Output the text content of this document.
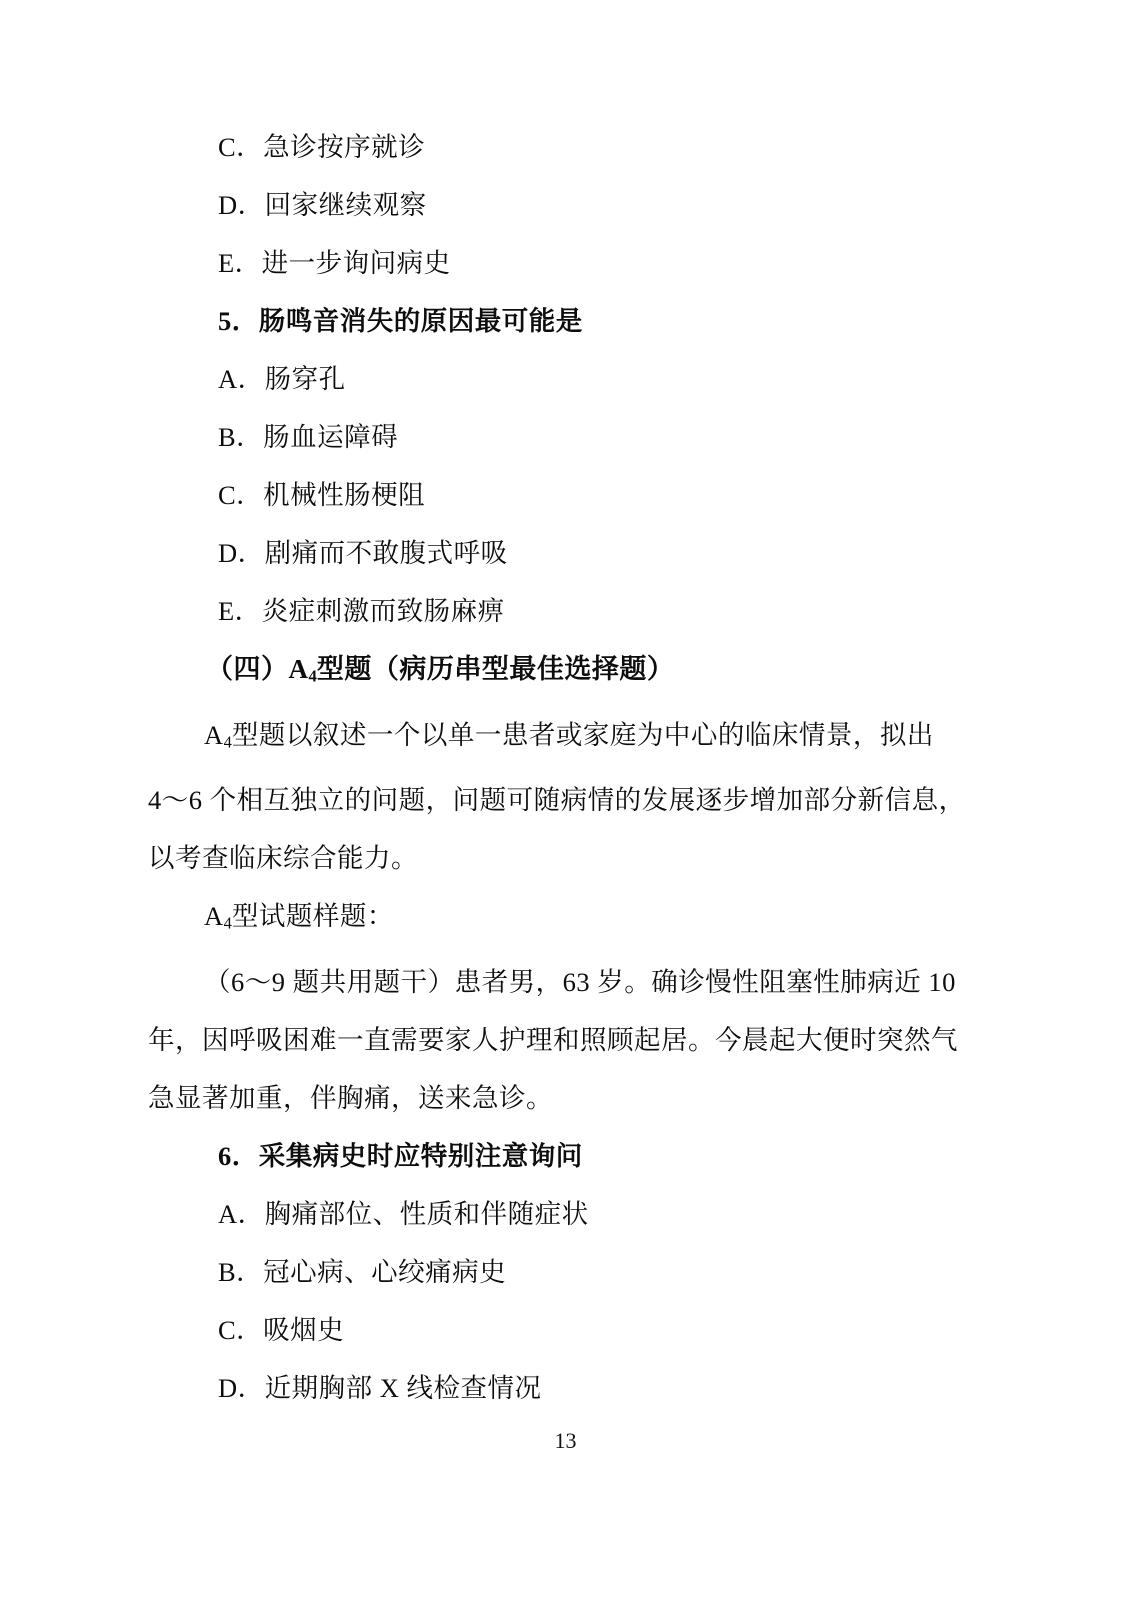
C．急诊按序就诊
D．回家继续观察
E．进一步询问病史
5．肠鸣音消失的原因最可能是
A．肠穿孔
B．肠血运障碍
C．机械性肠梗阻
D．剧痛而不敢腹式呼吸
E．炎症刺激而致肠麻痹
（四）$A_4$型题（病历串型最佳选择题）
$A_4$型题以叙述一个以单一患者或家庭为中心的临床情景，拟出
4～6 个相互独立的问题，问题可随病情的发展逐步增加部分新信息，
以考查临床综合能力。
$A_4$型试题样题：
（6～9 题共用题干）患者男，63 岁。确诊慢性阻塞性肺病近 10
年，因呼吸困难一直需要家人护理和照顾起居。今晨起大便时突然气
急显著加重，伴胸痛，送来急诊。
6．采集病史时应特别注意询问
A．胸痛部位、性质和伴随症状
B．冠心病、心绞痛病史
C．吸烟史
D．近期胸部 X 线检查情况
13
